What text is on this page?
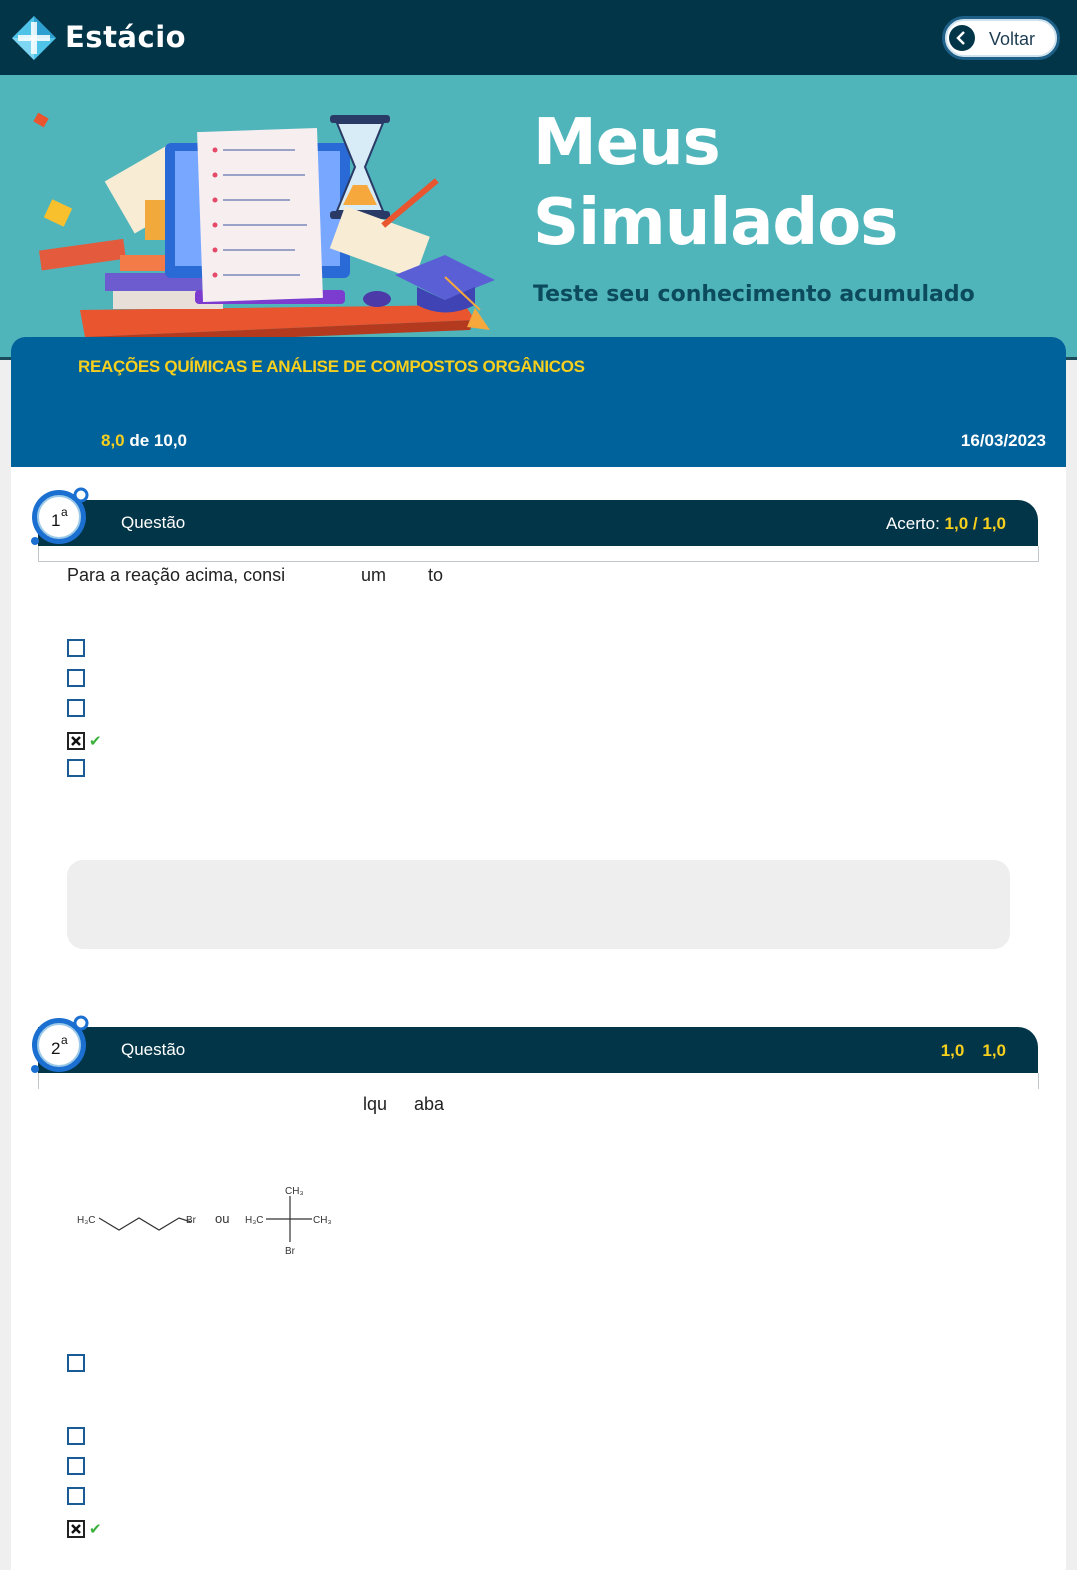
Estácio	Voltar
Meus
Simulados
Teste seu conhecimento acumulado
REAÇÕES QUÍMICAS E ANÁLISE DE COMPOSTOS ORGÂNICOS
8,0 de 10,0	16/03/2023
Questão	Acerto: 1,0 / 1,0
1 a
Para a reação acima, consi	um to
✔
Questão	1,0 1,0
2 a
lqu aba
H₃C	Br ou H₃C
CH₃
CH₃
Br
✔
